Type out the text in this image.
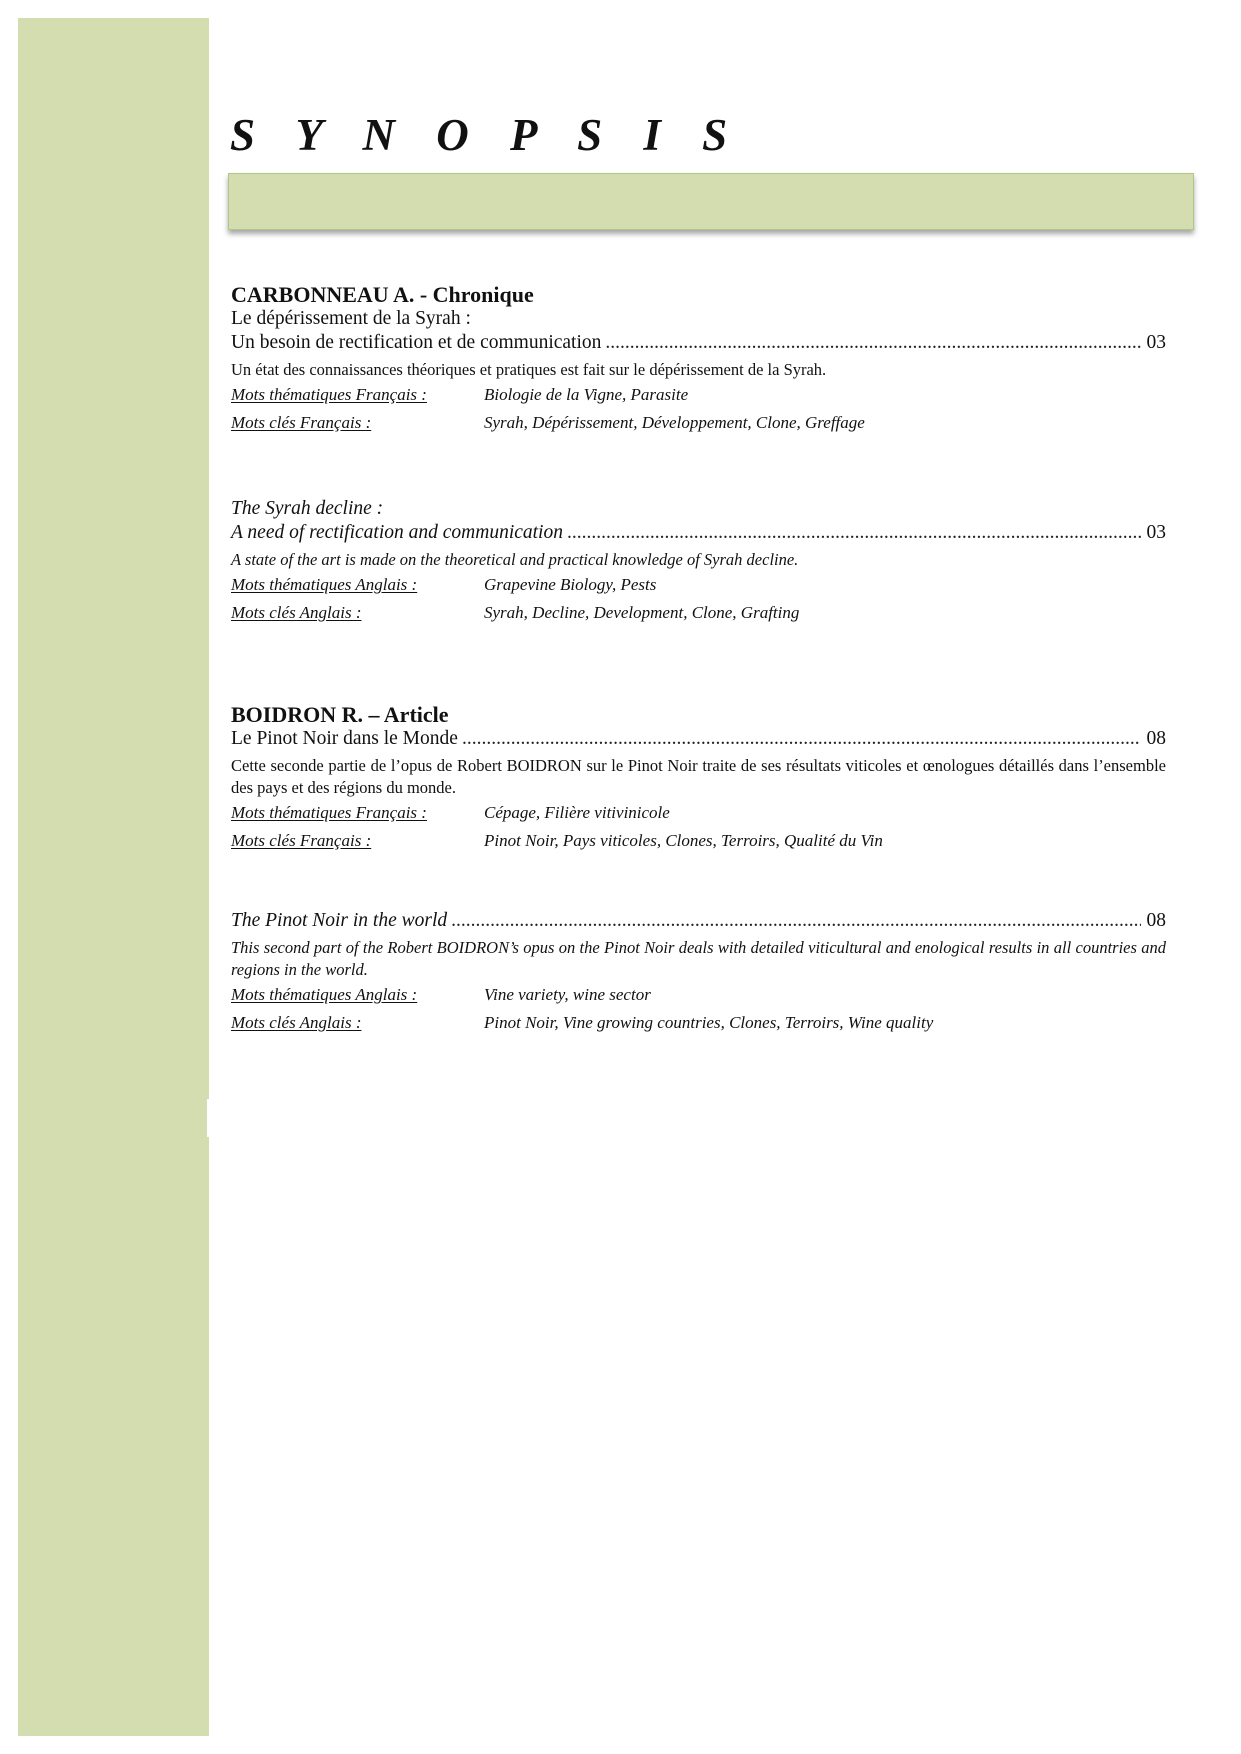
S Y N O P S I S
CARBONNEAU A. - Chronique
Le dépérissement de la Syrah :
Un besoin de rectification et de communication .....	03
Un état des connaissances théoriques et pratiques est fait sur le dépérissement de la Syrah.
Mots thématiques Français :	Biologie de la Vigne, Parasite
Mots clés Français :	Syrah, Dépérissement, Développement, Clone, Greffage
The Syrah decline :
A need of rectification and communication .....	03
A state of the art is made on the theoretical and practical knowledge of Syrah decline.
Mots thématiques Anglais :	Grapevine Biology, Pests
Mots clés Anglais :	Syrah, Decline, Development, Clone, Grafting
BOIDRON R. – Article
Le Pinot Noir dans le Monde .....	08
Cette seconde partie de l’opus de Robert BOIDRON sur le Pinot Noir traite de ses résultats viticoles et œnologues détaillés dans l’ensemble des pays et des régions du monde.
Mots thématiques Français :	Cépage, Filière vitivinicole
Mots clés Français :	Pinot Noir, Pays viticoles, Clones, Terroirs, Qualité du Vin
The Pinot Noir in the world .....	08
This second part of the Robert BOIDRON’s opus on the Pinot Noir deals with detailed viticultural and enological results in all countries and regions in the world.
Mots thématiques Anglais :	Vine variety, wine sector
Mots clés Anglais :	Pinot Noir, Vine growing countries, Clones, Terroirs, Wine quality
